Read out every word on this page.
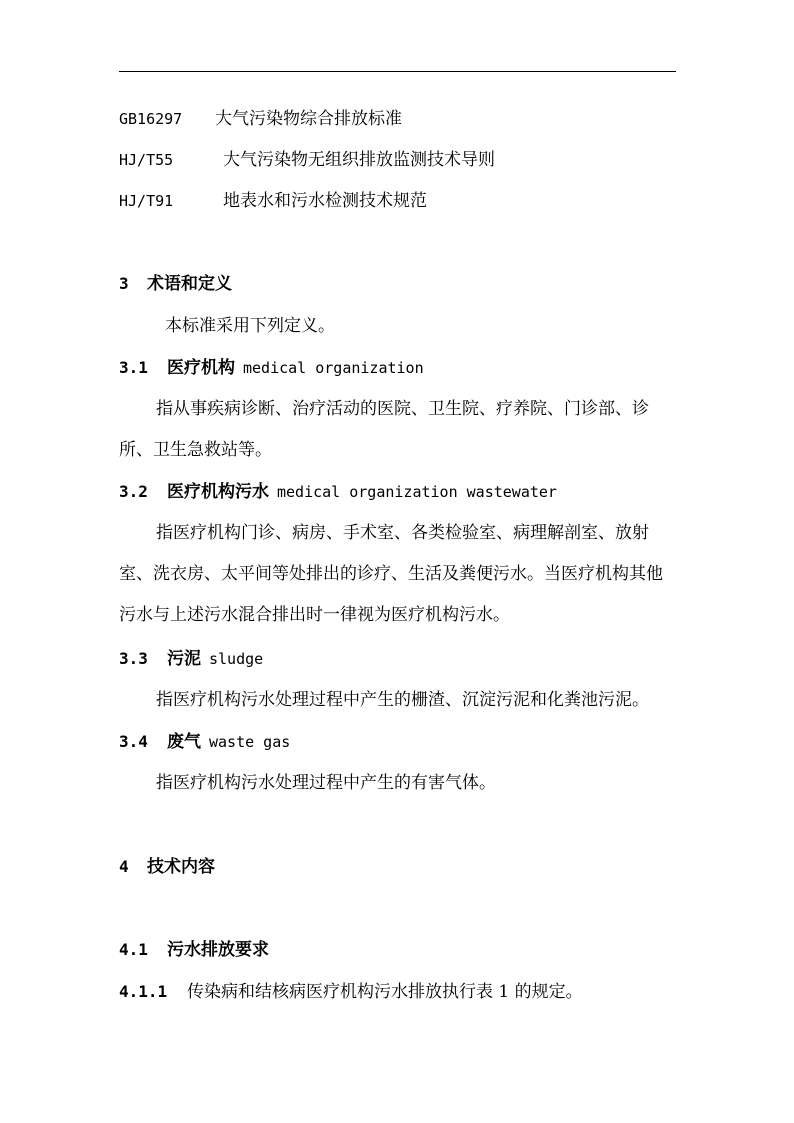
GB16297 大气污染物综合排放标准
HJ/T55	大气污染物无组织排放监测技术导则
HJ/T91	地表水和污水检测技术规范
3 术语和定义
本标准采用下列定义。
3.1 医疗机构 medical organization
指从事疾病诊断、治疗活动的医院、卫生院、疗养院、门诊部、诊所、卫生急救站等。
3.2 医疗机构污水 medical organization wastewater
指医疗机构门诊、病房、手术室、各类检验室、病理解剖室、放射室、洗衣房、太平间等处排出的诊疗、生活及粪便污水。当医疗机构其他污水与上述污水混合排出时一律视为医疗机构污水。
3.3 污泥 sludge
指医疗机构污水处理过程中产生的栅渣、沉淀污泥和化粪池污泥。
3.4 废气 waste gas
指医疗机构污水处理过程中产生的有害气体。
4 技术内容
4.1 污水排放要求
4.1.1 传染病和结核病医疗机构污水排放执行表 1 的规定。
